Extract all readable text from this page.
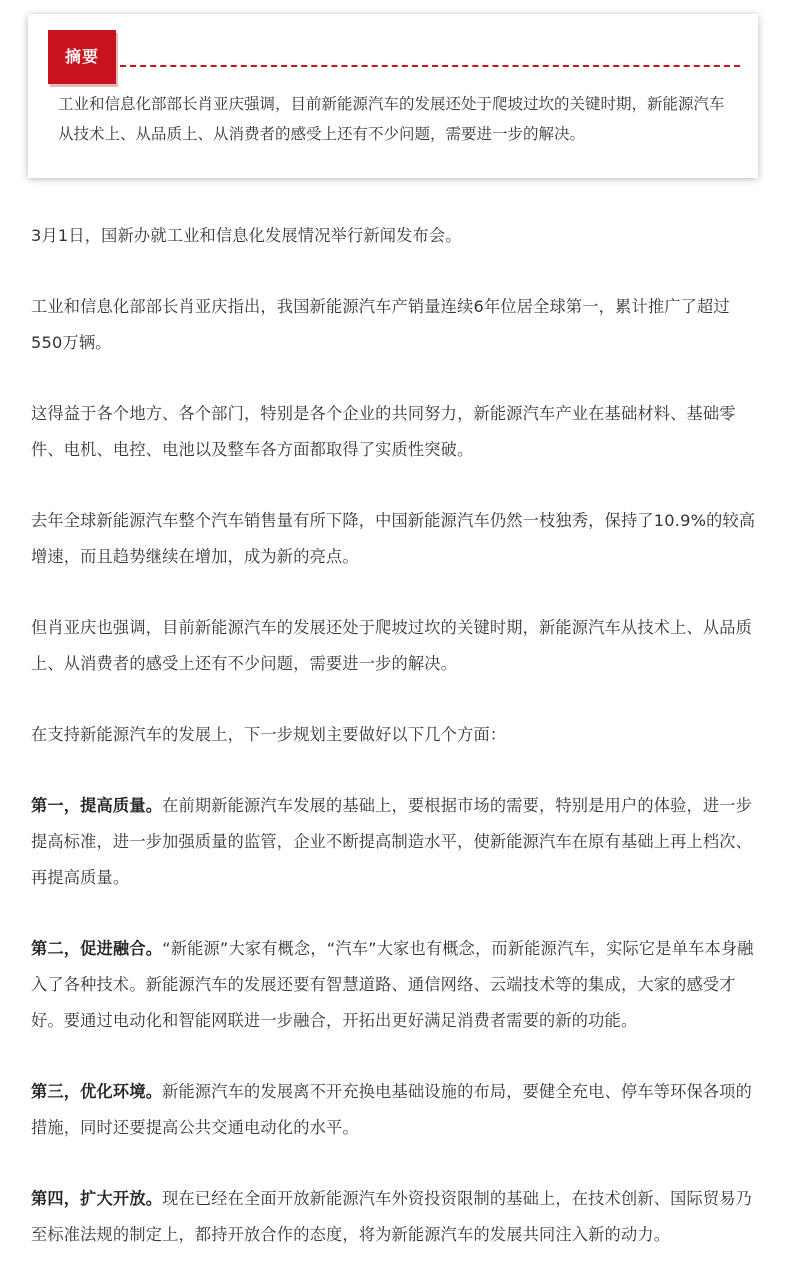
摘要

工业和信息化部部长肖亚庆强调，目前新能源汽车的发展还处于爬坡过坎的关键时期，新能源汽车从技术上、从品质上、从消费者的感受上还有不少问题，需要进一步的解决。

3月1日，国新办就工业和信息化发展情况举行新闻发布会。

工业和信息化部部长肖亚庆指出，我国新能源汽车产销量连续6年位居全球第一，累计推广了超过550万辆。

这得益于各个地方、各个部门，特别是各个企业的共同努力，新能源汽车产业在基础材料、基础零件、电机、电控、电池以及整车各方面都取得了实质性突破。

去年全球新能源汽车整个汽车销售量有所下降，中国新能源汽车仍然一枝独秀，保持了10.9%的较高增速，而且趋势继续在增加，成为新的亮点。

但肖亚庆也强调，目前新能源汽车的发展还处于爬坡过坎的关键时期，新能源汽车从技术上、从品质上、从消费者的感受上还有不少问题，需要进一步的解决。

在支持新能源汽车的发展上，下一步规划主要做好以下几个方面：

第一，提高质量。在前期新能源汽车发展的基础上，要根据市场的需要，特别是用户的体验，进一步提高标准，进一步加强质量的监管，企业不断提高制造水平，使新能源汽车在原有基础上再上档次、再提高质量。

第二，促进融合。“新能源”大家有概念，“汽车”大家也有概念，而新能源汽车，实际它是单车本身融入了各种技术。新能源汽车的发展还要有智慧道路、通信网络、云端技术等的集成，大家的感受才好。要通过电动化和智能网联进一步融合，开拓出更好满足消费者需要的新的功能。

第三，优化环境。新能源汽车的发展离不开充换电基础设施的布局，要健全充电、停车等环保各项的措施，同时还要提高公共交通电动化的水平。

第四，扩大开放。现在已经在全面开放新能源汽车外资投资限制的基础上，在技术创新、国际贸易乃至标准法规的制定上，都持开放合作的态度，将为新能源汽车的发展共同注入新的动力。
